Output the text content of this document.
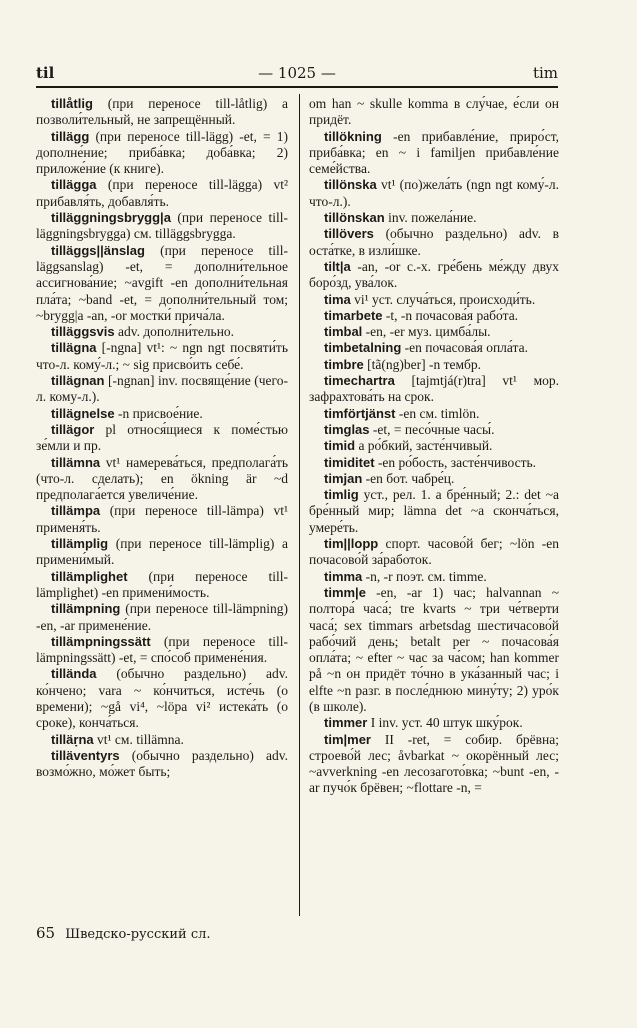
til	— 1025 —	tim

tillåtlig (при переносе till-låtlig) а позволи́тельный, не запрещённый.

tillägg (при переносе till-lägg) -et, = 1) дополне́ние; приба́вка; доба́вка; 2) приложе́ние (к книге).

tillägga (при переносе till-lägga) vt² прибавля́ть, добавля́ть.

tilläggningsbrygg|a (при переносе till-läggningsbrygga) см. tilläggsbrygga.

tilläggs||änslag (при переносе till-läggsanslag) -et, = дополни́тельное ассигнова́ние; ~avgift -en дополни́тельная пла́та; ~band -et, = дополни́тельный том; ~brygg|a -an, -or мостки́ прича́ла.

tilläggsvis adv. дополни́тельно.

tillägna [-ngna] vt¹: ~ ngn ngt посвяти́ть что-л. кому́-л.; ~ sig присво́ить себе́.

tillägnan [-ngnan] inv. посвяще́ние (чего-л. кому-л.).

tillägnelse -n присвое́ние.

tillägor pl относя́щиеся к поме́стью зе́мли и пр.

tillämna vt¹ намерева́ться, предполага́ть (что-л. сделать); en ökning är ~d предполага́ется увеличе́ние.

tillämpa (при переносе till-lämpa) vt¹ применя́ть.

tillämplig (при переносе till-lämplig) а примени́мый.

tillämplighet (при переносе till-lämplighet) -en примени́мость.

tillämpning (при переносе till-lämpning) -en, -ar примене́ние.

tillämpningssätt (при переносе till-lämpningssätt) -et, = спо́соб примене́ния.

tillända (обычно раздельно) adv. ко́нчено; vara ~ ко́нчиться, исте́чь (о времени); ~gå vi⁴, ~löpa vi² истека́ть (о сроке), конча́ться.

tilläṛna vt¹ см. tillämna.

tilläventyrs (обычно раздельно) adv. возмо́жно, мо́жет быть;

om han ~ skulle komma в слу́чае, е́сли он придёт.

tillökning -en прибавле́ние, приро́ст, приба́вка; en ~ i familjen прибавле́ние семе́йства.

tillönska vt¹ (по)жела́ть (ngn ngt кому́-л. что-л.).

tillönskan inv. пожела́ние.

tillövers (обычно раздельно) adv. в оста́тке, в изли́шке.

tilt|a -an, -or с.-х. гре́бень ме́жду двух боро́зд, ува́лок.

tima vi¹ уст. случа́ться, происходи́ть.

timarbete -t, -n почасова́я рабо́та.

timbal -en, -er муз. цимба́лы.

timbetalning -en почасова́я опла́та.

timbre [tã(ng)ber] -n тембр.

timechartra [tajmtjá(r)tra] vt¹ мор. зафрахтова́ть на срок.

timförtjänst -en см. timlön.

timglas -et, = песо́чные часы́.

timid а ро́бкий, засте́нчивый.

timiditet -en ро́бость, засте́нчивость.

timjan -en бот. чабре́ц.

timlig уст., рел. 1. а бре́нный; 2.: det ~a бре́нный мир; lämna det ~a сконча́ться, умере́ть.

tim||lopp спорт. часово́й бег; ~lön -en почасово́й за́работок.

timma -n, -r поэт. см. timme.

timm|e -en, -ar 1) час; halvannan ~ полтора́ часа́; tre kvarts ~ три че́тверти часа́; sex timmars arbetsdag шестичасово́й рабо́чий день; betalt per ~ почасова́я опла́та; ~ efter ~ час за ча́сом; han kommer på ~n он придёт то́чно в ука́занный час; i elfte ~n разг. в после́днюю мину́ту; 2) уро́к (в школе).

timmer I inv. уст. 40 штук шку́рок.

tim|mer II -ret, = собир. брёвна; строево́й лес; åvbarkat ~ окорённый лес; ~avverkning -en лесозагото́вка; ~bunt -en, -ar пучо́к брёвен; ~flottare -n, =

65 Шведско-русский сл.
